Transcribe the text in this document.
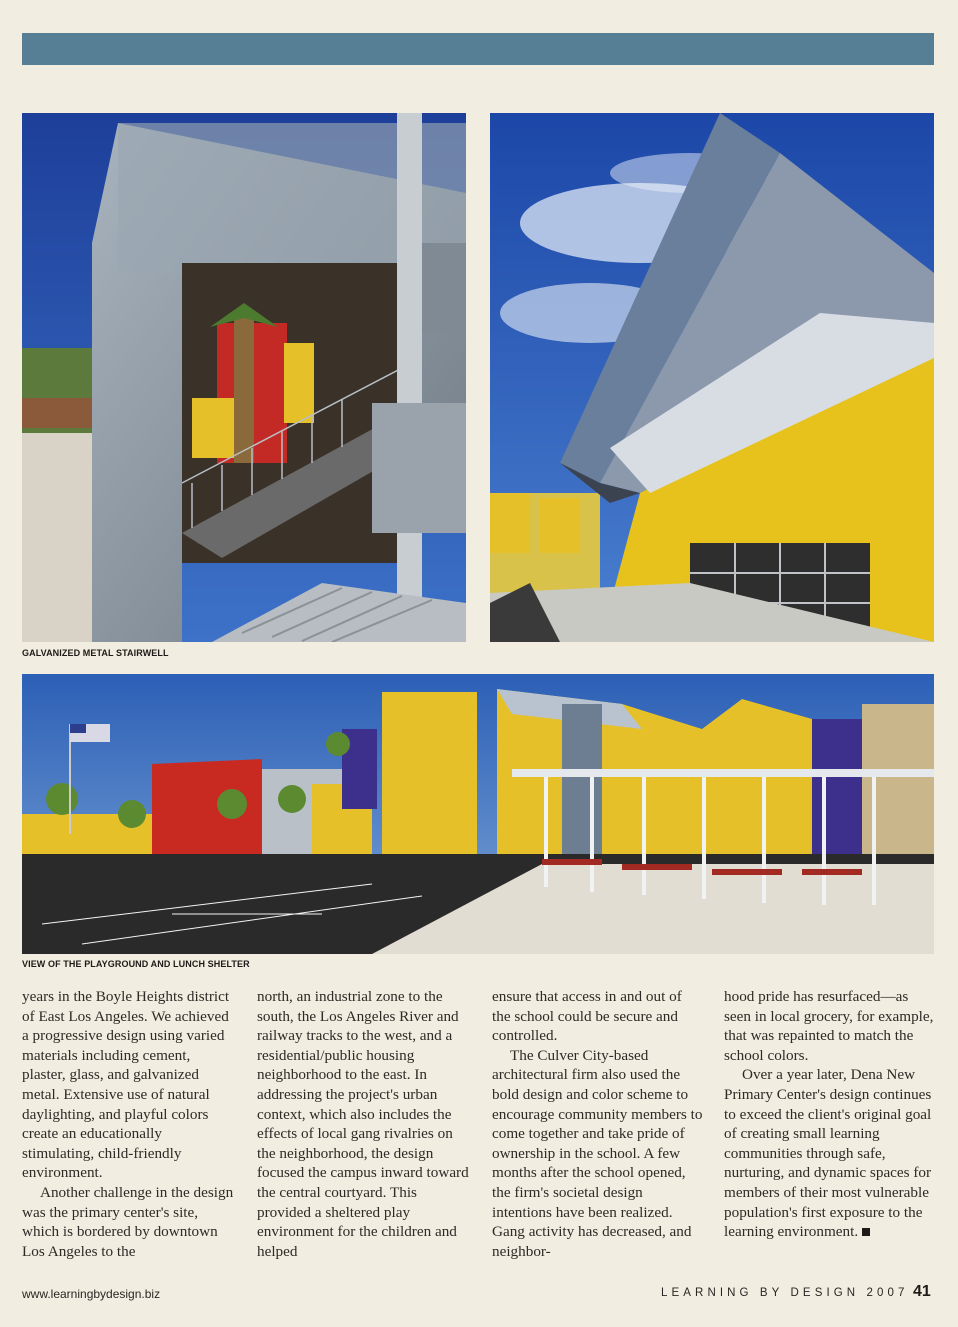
GALVANIZED METAL STAIRWELL
VIEW OF THE PLAYGROUND AND LUNCH SHELTER

years in the Boyle Heights district of East Los Angeles. We achieved a progressive design using varied materials including cement, plaster, glass, and galvanized metal. Extensive use of natural daylighting, and playful colors create an educationally stimulating, child-friendly environment.

Another challenge in the design was the primary center's site, which is bordered by downtown Los Angeles to the

north, an industrial zone to the south, the Los Angeles River and railway tracks to the west, and a residential/public housing neighborhood to the east. In addressing the project's urban context, which also includes the effects of local gang rivalries on the neighborhood, the design focused the campus inward toward the central courtyard. This provided a sheltered play environment for the children and helped

ensure that access in and out of the school could be secure and controlled.

The Culver City-based architectural firm also used the bold design and color scheme to encourage community members to come together and take pride of ownership in the school. A few months after the school opened, the firm's societal design intentions have been realized. Gang activity has decreased, and neighbor-

hood pride has resurfaced—as seen in local grocery, for example, that was repainted to match the school colors.

Over a year later, Dena New Primary Center's design continues to exceed the client's original goal of creating small learning communities through safe, nurturing, and dynamic spaces for members of their most vulnerable population's first exposure to the learning environment.

www.learningbydesign.biz	LEARNING BY DESIGN 2007 41
